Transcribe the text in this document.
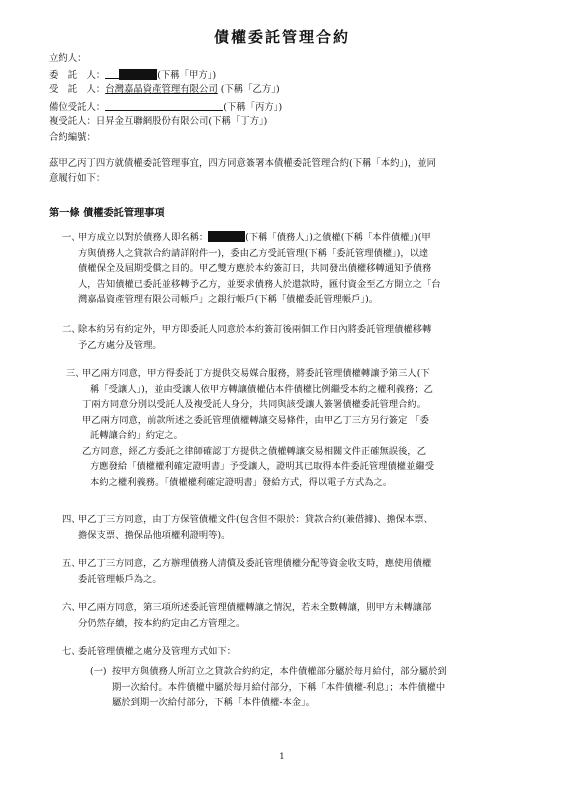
債權委託管理合約
立約人：
委　託　人：	(下稱「甲方」)
受　託　人：台灣嘉晶資產管理有限公司 (下稱「乙方」)
備位受託人：	(下稱「丙方」)
複受託人：日昇金互聯網股份有限公司(下稱「丁方」)
合約編號：
茲甲乙丙丁四方就債權委託管理事宜，四方同意簽署本債權委託管理合約(下稱「本約」)，並同
意履行如下：
第一條 債權委託管理事項
一、
甲方成立以對於債務人即名稱：	(下稱「債務人」)之債權(下稱「本件債權」)(甲
方與債務人之貸款合約請詳附件一)，委由乙方受託管理(下稱「委託管理債權」)，以達
債權保全及屆期受償之目的。甲乙雙方應於本約簽訂日，共同發出債權移轉通知予債務
人，告知債權已委託並移轉予乙方，並要求債務人於還款時，匯付資金至乙方開立之「台
灣嘉晶資產管理有限公司帳戶」之銀行帳戶(下稱「債權委託管理帳戶」)。
二、
除本約另有約定外，甲方即委託人同意於本約簽訂後兩個工作日內將委託管理債權移轉
予乙方處分及管理。
三、
甲乙兩方同意，甲方得委託丁方提供交易媒合服務，將委託管理債權轉讓予第三人(下
稱「受讓人」)，並由受讓人依甲方轉讓債權佔本件債權比例繼受本約之權利義務；乙
丁兩方同意分別以受託人及複受託人身分，共同與該受讓人簽署債權委託管理合約。
甲乙兩方同意，前款所述之委託管理債權轉讓交易條件，由甲乙丁三方另行簽定 「委
託轉讓合約」約定之。
乙方同意，經乙方委託之律師確認丁方提供之債權轉讓交易相關文件正確無誤後，乙
方應發給「債權權利確定證明書」予受讓人，證明其已取得本件委託管理債權並繼受
本約之權利義務。「債權權利確定證明書」發給方式，得以電子方式為之。
四、
甲乙丁三方同意，由丁方保管債權文件(包含但不限於：貸款合約(兼借據)、擔保本票、
擔保支票、擔保品他項權利證明等)。
五、
甲乙丁三方同意，乙方辦理債務人清償及委託管理債權分配等資金收支時，應使用債權
委託管理帳戶為之。
六、
甲乙兩方同意，第三項所述委託管理債權轉讓之情況，若未全數轉讓，則甲方未轉讓部
分仍然存續，按本約約定由乙方管理之。
七、
委託管理債權之處分及管理方式如下：
(一) 按甲方與債務人所訂立之貸款合約約定，本件債權部分屬於每月給付，部分屬於到
期一次給付。本件債權中屬於每月給付部分，下稱「本件債權-利息」；本件債權中
屬於到期一次給付部分，下稱「本件債權-本金」。
1
